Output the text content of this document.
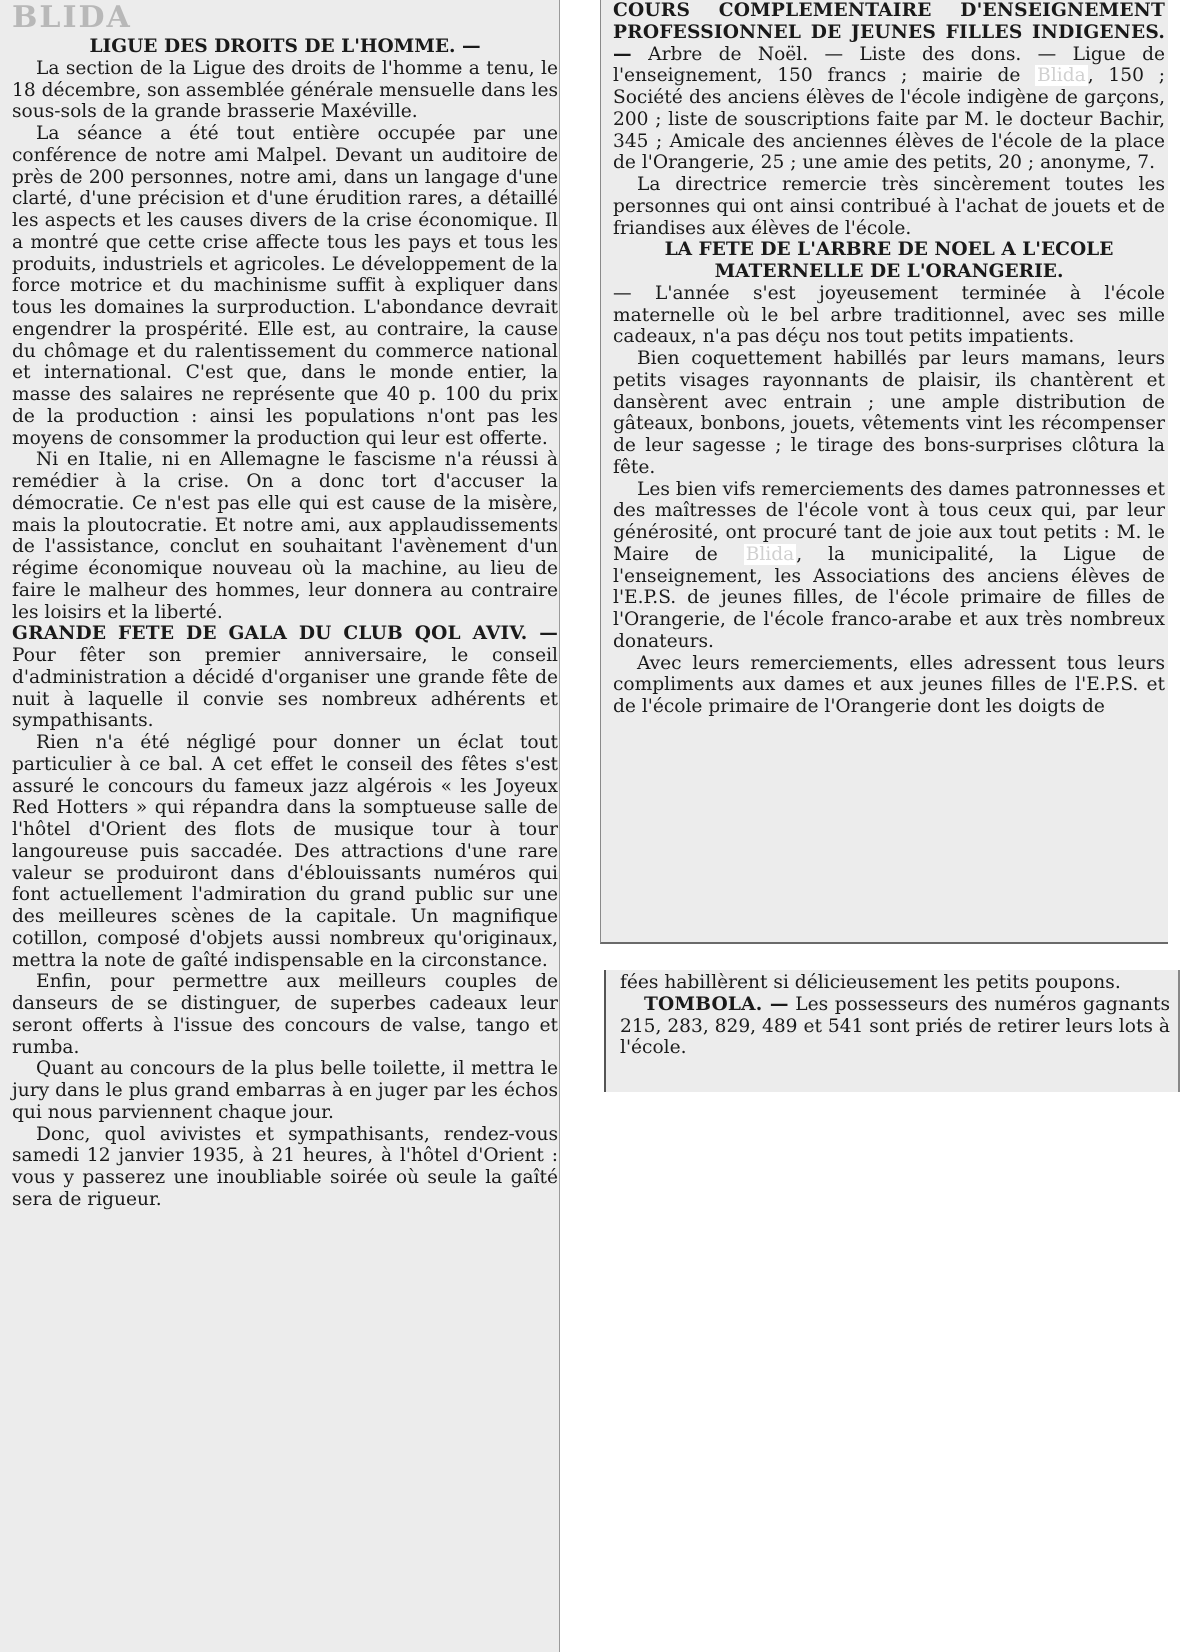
BLIDA
LIGUE DES DROITS DE L'HOMME. —

La section de la Ligue des droits de l'homme a tenu, le 18 décembre, son assemblée générale mensuelle dans les sous-sols de la grande brasserie Maxéville.

La séance a été tout entière occupée par une conférence de notre ami Malpel. Devant un auditoire de près de 200 personnes, notre ami, dans un langage d'une clarté, d'une précision et d'une érudition rares, a détaillé les aspects et les causes divers de la crise économique. Il a montré que cette crise affecte tous les pays et tous les produits, industriels et agricoles. Le développement de la force motrice et du machinisme suffit à expliquer dans tous les domaines la surproduction. L'abondance devrait engendrer la prospérité. Elle est, au contraire, la cause du chômage et du ralentissement du commerce national et international. C'est que, dans le monde entier, la masse des salaires ne représente que 40 p. 100 du prix de la production : ainsi les populations n'ont pas les moyens de consommer la production qui leur est offerte.

Ni en Italie, ni en Allemagne le fascisme n'a réussi à remédier à la crise. On a donc tort d'accuser la démocratie. Ce n'est pas elle qui est cause de la misère, mais la ploutocratie. Et notre ami, aux applaudissements de l'assistance, conclut en souhaitant l'avènement d'un régime économique nouveau où la machine, au lieu de faire le malheur des hommes, leur donnera au contraire les loisirs et la liberté.

GRANDE FETE DE GALA DU CLUB QOL AVIV. — Pour fêter son premier anniversaire, le conseil d'administration a décidé d'organiser une grande fête de nuit à laquelle il convie ses nombreux adhérents et sympathisants.

Rien n'a été négligé pour donner un éclat tout particulier à ce bal. A cet effet le conseil des fêtes s'est assuré le concours du fameux jazz algérois « les Joyeux Red Hotters » qui répandra dans la somptueuse salle de l'hôtel d'Orient des flots de musique tour à tour langoureuse puis saccadée. Des attractions d'une rare valeur se produiront dans d'éblouissants numéros qui font actuellement l'admiration du grand public sur une des meilleures scènes de la capitale. Un magnifique cotillon, composé d'objets aussi nombreux qu'originaux, mettra la note de gaîté indispensable en la circonstance.

Enfin, pour permettre aux meilleurs couples de danseurs de se distinguer, de superbes cadeaux leur seront offerts à l'issue des concours de valse, tango et rumba.

Quant au concours de la plus belle toilette, il mettra le jury dans le plus grand embarras à en juger par les échos qui nous parviennent chaque jour.

Donc, quol avivistes et sympathisants, rendez-vous samedi 12 janvier 1935, à 21 heures, à l'hôtel d'Orient : vous y passerez une inoubliable soirée où seule la gaîté sera de rigueur.

COURS COMPLEMENTAIRE D'ENSEIGNEMENT PROFESSIONNEL DE JEUNES FILLES INDIGENES. — Arbre de Noël. — Liste des dons. — Ligue de l'enseignement, 150 francs ; mairie de Blida , 150 ; Société des anciens élèves de l'école indigène de garçons, 200 ; liste de souscriptions faite par M. le docteur Bachir, 345 ; Amicale des anciennes élèves de l'école de la place de l'Orangerie, 25 ; une amie des petits, 20 ; anonyme, 7.

La directrice remercie très sincèrement toutes les personnes qui ont ainsi contribué à l'achat de jouets et de friandises aux élèves de l'école.

LA FETE DE L'ARBRE DE NOEL A L'ECOLE MATERNELLE DE L'ORANGERIE.

— L'année s'est joyeusement terminée à l'école maternelle où le bel arbre traditionnel, avec ses mille cadeaux, n'a pas déçu nos tout petits impatients.

Bien coquettement habillés par leurs mamans, leurs petits visages rayonnants de plaisir, ils chantèrent et dansèrent avec entrain ; une ample distribution de gâteaux, bonbons, jouets, vêtements vint les récompenser de leur sagesse ; le tirage des bons-surprises clôtura la fête.

Les bien vifs remerciements des dames patronnesses et des maîtresses de l'école vont à tous ceux qui, par leur générosité, ont procuré tant de joie aux tout petits : M. le Maire de Blida , la municipalité, la Ligue de l'enseignement, les Associations des anciens élèves de l'E.P.S. de jeunes filles, de l'école primaire de filles de l'Orangerie, de l'école franco-arabe et aux très nombreux donateurs.

Avec leurs remerciements, elles adressent tous leurs compliments aux dames et aux jeunes filles de l'E.P.S. et de l'école primaire de l'Orangerie dont les doigts de

fées habillèrent si délicieusement les petits poupons.

TOMBOLA. — Les possesseurs des numéros gagnants 215, 283, 829, 489 et 541 sont priés de retirer leurs lots à l'école.
